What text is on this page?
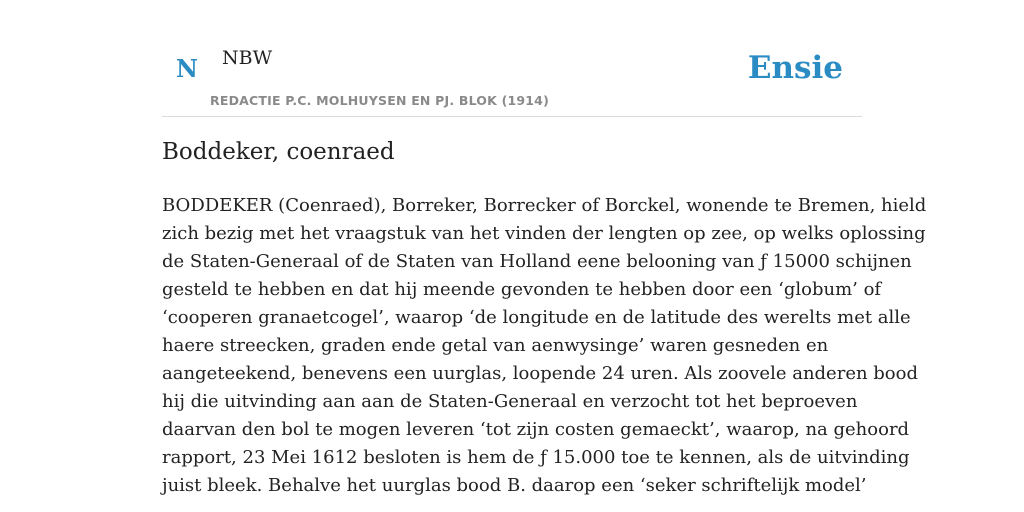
N NBW
REDACTIE P.C. MOLHUYSEN EN PJ. BLOK (1914)
Ensie
Boddeker, coenraed

BODDEKER (Coenraed), Borreker, Borrecker of Borckel, wonende te Bremen, hield
zich bezig met het vraagstuk van het vinden der lengten op zee, op welks oplossing
de Staten-Generaal of de Staten van Holland eene belooning van ƒ 15000 schijnen
gesteld te hebben en dat hij meende gevonden te hebben door een ‘globum’ of
‘cooperen granaetcogel’, waarop ‘de longitude en de latitude des werelts met alle
haere streecken, graden ende getal van aenwysinge’ waren gesneden en
aangeteekend, benevens een uurglas, loopende 24 uren. Als zoovele anderen bood
hij die uitvinding aan aan de Staten-Generaal en verzocht tot het beproeven
daarvan den bol te mogen leveren ‘tot zijn costen gemaeckt’, waarop, na gehoord
rapport, 23 Mei 1612 besloten is hem de ƒ 15.000 toe te kennen, als de uitvinding
juist bleek. Behalve het uurglas bood B. daarop een ‘seker schriftelijk model’
